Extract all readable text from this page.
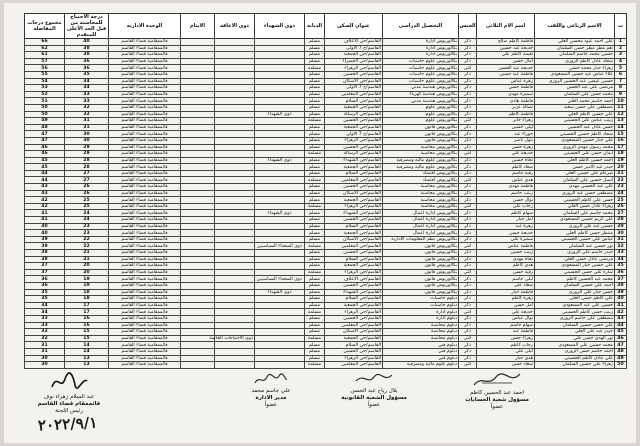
ت	الاسم الرباعي واللقب	اسم الام الثلاثي	الجنس	التحصيل الدراسي	عنوان السكن	الديانة	ذوي الشهداء	ذوي الاعاقة	الايتام	الوحدة الادارية	درجة الاحتياج للمحاسبة من قبل الحد الأعلى للمتقدم	مجموع درجات المفاضلة
1	علي احمد عبود محسن العلي	فاطمة كاظم صالح	ذكر	بكالوريوس ادارة	القاسم/حي الاعلاف	مسلم				قائممقامية قضاء القاسم	40	66
2	نعم مطر مطر حسن السلمان	خديجة عبد حسين	ذكر	بكالوريوس ادارة	القاسم/ح 7 الاولى	مسلم				قائممقامية قضاء القاسم	38	62
3	حسين محمد جاسم السلمان	نعيمة كاظم علي	ذكر	بكالوريوس ادارة	القاسم/حي الجمعية	مسلم				قائممقامية قضاء القاسم	38	61
4	سجاد عادل كاظم الزوري	أمال حسن	ذكر	بكالوريوس علوم حاسبات	القاسم/حي الخضراء	مسلم				قائممقامية قضاء القاسم	36	57
5	زهراء جبار محمد حسن	خديجة عبد الحسن	انثى	بكالوريوس علوم حاسبات	القاسم/حي الزهراء	مسلمة				قائممقامية قضاء القاسم	36	56
6	علاء عباس عبد حسين المسعودي	فاطمة عبد حسين	ذكر	بكالوريوس علوم حاسبات	القاسم/حي الحسين	مسلم				قائممقامية قضاء القاسم	35	55
7	حسين عيسى عبد الحسين الزوري	زهرة عباس	ذكر	بكالوريوس علوم حاسبات	القاسم/حي الاسكان	مسلم				قائممقامية قضاء القاسم	34	54
8	مرتضى علي عبد الحسن	فاطمة حسن	ذكر	بكالوريوس هندسة مدني	القاسم/ح 7 الاولى	مسلم				قائممقامية قضاء القاسم	34	53
9	محمد حسن علي السلمان	سميرة مهدي	ذكر	بكالوريوس هندسة كهرباء	القاسم/حي المعلمين	مسلم				قائممقامية قضاء القاسم	33	52
10	احمد جاسم محمد العلي	فاطمة هادي	ذكر	بكالوريوس هندسة مدني	القاسم/حي السلام	مسلم				قائممقامية قضاء القاسم	33	51
11	مصطفى علي حسن سعيد	نضالة عزيز	ذكر	بكالوريوس علوم	القاسم/حي الجمعية	مسلم				قائممقامية قضاء القاسم	32	50
12	علي حسين كاظم العلي	فاطمة كاظم	ذكر	بكالوريوس علوم	القاسم/حي الرسالة	مسلم	ذوي الشهداء			قائممقامية قضاء القاسم	32	50
13	زينب عباس علي الحسيني	زهراء جابر	انثى	بكالوريوس علوم	القاسم/حي الحسين	مسلمة				قائممقامية قضاء القاسم	31	49
14	حسن عادل عبد الحسين	ليلى حسين	ذكر	بكالوريوس قانون	القاسم/حي الجمعية	مسلم				قائممقامية قضاء القاسم	31	48
15	سجاد كاظم حسين الحسيني	حوراء عبد	ذكر	بكالوريوس قانون	القاسم/ح 7 الاولى	مسلم				قائممقامية قضاء القاسم	30	47
16	علي جبار حسين المسعودي	بتول ناصر	ذكر	بكالوريوس قانون	القاسم/حي الزهراء	مسلم				قائممقامية قضاء القاسم	30	47
17	محمد رسول مهدي الزوري	زهرة حسن	ذكر	بكالوريوس محاسبة	القاسم/حي الحسين	مسلم				قائممقامية قضاء القاسم	29	46
18	ايمان حسن علي الحسيني	خديجة علي	انثى	بكالوريوس محاسبة	القاسم/حي الرسالة	مسلمة				قائممقامية قضاء القاسم	29	46
19	احمد حسين كاظم العلي	نجاة حسين	ذكر	بكالوريوس علوم مالية ومصرفية	القاسم/حي الشهداء	مسلم	ذوي الشهداء			قائممقامية قضاء القاسم	28	45
20	حيدر عبد الامير حسن	سعاد كاظم	ذكر	بكالوريوس علوم مالية ومصرفية	القاسم/حي الجمعية	مسلم				قائممقامية قضاء القاسم	28	45
21	ضرغام علي حسين العلي	رقية جاسم	ذكر	بكالوريوس اقتصاد	القاسم/حي السلام	مسلم				قائممقامية قضاء القاسم	27	44
22	اسيل حسين علي السلمان	هدى عباس	انثى	بكالوريوس اقتصاد	القاسم/حي المعلمين	مسلمة				قائممقامية قضاء القاسم	27	44
23	علي عبد الحسين مهدي	فاطمة مهدي	ذكر	بكالوريوس محاسبة	القاسم/حي الحسين	مسلم				قائممقامية قضاء القاسم	26	43
24	مصطفى حسن عبد الزوري	زينب جاسم	ذكر	بكالوريوس محاسبة	القاسم/حي الاسكان	مسلم				قائممقامية قضاء القاسم	26	43
25	حسن علي كاظم الحسيني	نوال حسن	ذكر	بكالوريوس محاسبة	القاسم/حي الجمعية	مسلم				قائممقامية قضاء القاسم	25	42
26	زهراء عادل حسن العلي	رحاب علي	انثى	بكالوريوس محاسبة	القاسم/حي الزهراء	مسلمة				قائممقامية قضاء القاسم	25	42
27	محمد جاسم علي السلمان	سهام كاظم	ذكر	بكالوريوس ادارة اعمال	القاسم/حي الشهداء	مسلم	ذوي الشهداء			قائممقامية قضاء القاسم	24	41
28	علي كريم حسين المسعودي	امل جبار	ذكر	بكالوريوس ادارة اعمال	القاسم/حي الحسين	مسلم				قائممقامية قضاء القاسم	24	41
29	حسين عبد علي الزوري	زهرة عبد	ذكر	بكالوريوس ادارة اعمال	القاسم/حي السلام	مسلم				قائممقامية قضاء القاسم	23	40
30	منتظر حسن كاظم العلي	خديجة حسن	ذكر	بكالوريوس ادارة اعمال	القاسم/حي الجمعية	مسلم				قائممقامية قضاء القاسم	23	40
31	عباس علي حسين الحسيني	سميرة علي	ذكر	بكالوريوس نظم المعلومات الادارية	القاسم/حي الاسكان	مسلم				قائممقامية قضاء القاسم	22	39
32	نور حسين عبد السلمان	فاطمة عباس	انثى	بكالوريوس قانون	القاسم/حي المعلمين	مسلمة	ذوي السجناء السياسيين			قائممقامية قضاء القاسم	22	39
33	حيدر جاسم علي الزوري	زينب حسين	ذكر	بكالوريوس قانون	القاسم/حي الحسين	مسلم				قائممقامية قضاء القاسم	21	38
34	مرتضى عادل حسن العلي	نجاة مهدي	ذكر	بكالوريوس قانون	القاسم/حي السلام	مسلم				قائممقامية قضاء القاسم	21	38
35	علي حسين جبار المسعودي	هدى كاظم	ذكر	بكالوريوس قانون	القاسم/حي الجمعية	مسلم				قائممقامية قضاء القاسم	20	37
36	سارة علي حسن الحسيني	رقية حسن	انثى	بكالوريوس قانون	القاسم/حي الزهراء	مسلمة				قائممقامية قضاء القاسم	20	37
37	محمد عبد الحسين كاظم	ليلى جاسم	ذكر	بكالوريوس قانون	القاسم/حي الاعلاف	مسلم	ذوي السجناء السياسيين			قائممقامية قضاء القاسم	19	36
38	احمد علي حسين السلمان	سعاد علي	ذكر	بكالوريوس قانون	القاسم/حي الحسين	مسلم				قائممقامية قضاء القاسم	19	36
39	حسن جبار علي الزوري	فاطمة جبار	ذكر	بكالوريوس قانون	القاسم/حي الشهداء	مسلم	ذوي الشهداء			قائممقامية قضاء القاسم	18	35
40	علي كاظم حسن العلي	زهرة كاظم	ذكر	دبلوم حاسبات	القاسم/حي السلام	مسلم				قائممقامية قضاء القاسم	18	35
41	حسين علي عبد المسعودي	امل حسن	ذكر	دبلوم حاسبات	القاسم/حي الجمعية	مسلم				قائممقامية قضاء القاسم	17	34
42	زينب حسن كاظم الحسيني	خديجة علي	انثى	دبلوم ادارة	القاسم/حي الزهراء	مسلمة				قائممقامية قضاء القاسم	17	34
43	مصطفى علي جاسم الزوري	نوال عباس	ذكر	دبلوم ادارة	القاسم/حي الحسين	مسلم				قائممقامية قضاء القاسم	16	33
44	علي حسن حسين السلمان	سهام جاسم	ذكر	دبلوم محاسبة	القاسم/حي المعلمين	مسلم				قائممقامية قضاء القاسم	16	33
45	حيدر عبد علي العلي	فاطمة عبد	ذكر	دبلوم محاسبة	القاسم/حي الاسكان	مسلم				قائممقامية قضاء القاسم	15	32
46	نور الهدى حسن علي	زهراء حسن	انثى	دبلوم محاسبة	القاسم/حي الجمعية	مسلمة		ذوي الاحتياجات الخاصة		قائممقامية قضاء القاسم	15	32
47	محمد حسين علي المسعودي	رحاب كاظم	ذكر	دبلوم فني	القاسم/حي السلام	مسلم				قائممقامية قضاء القاسم	14	31
48	احمد جاسم حسن الزوري	ليلى علي	ذكر	دبلوم فني	القاسم/حي الحسين	مسلم				قائممقامية قضاء القاسم	14	31
49	علي عادل كاظم الحسيني	هدى جبار	ذكر	دبلوم فني	القاسم/حي الزهراء	مسلم				قائممقامية قضاء القاسم	13	30
50	زهراء علي حسين السلمان	سعاد حسن	انثى	دبلوم علوم مالية ومصرفية	القاسم/حي المعلمين	مسلمة				قائممقامية قضاء القاسم	13	30
عبد السلام زهراء نوف
قائممقام قضاء القاسم
رئيس اللجنة
علي جاسم محمد
مدير الادارة
عضواً
بلال رياح عبد الحسن
مسؤول الشعبة القانونية
عضواً
احمد عبد الحسين كاظم
مسؤول شعبة الحسابات
عضواً
٢٠٢٢/٩/١
